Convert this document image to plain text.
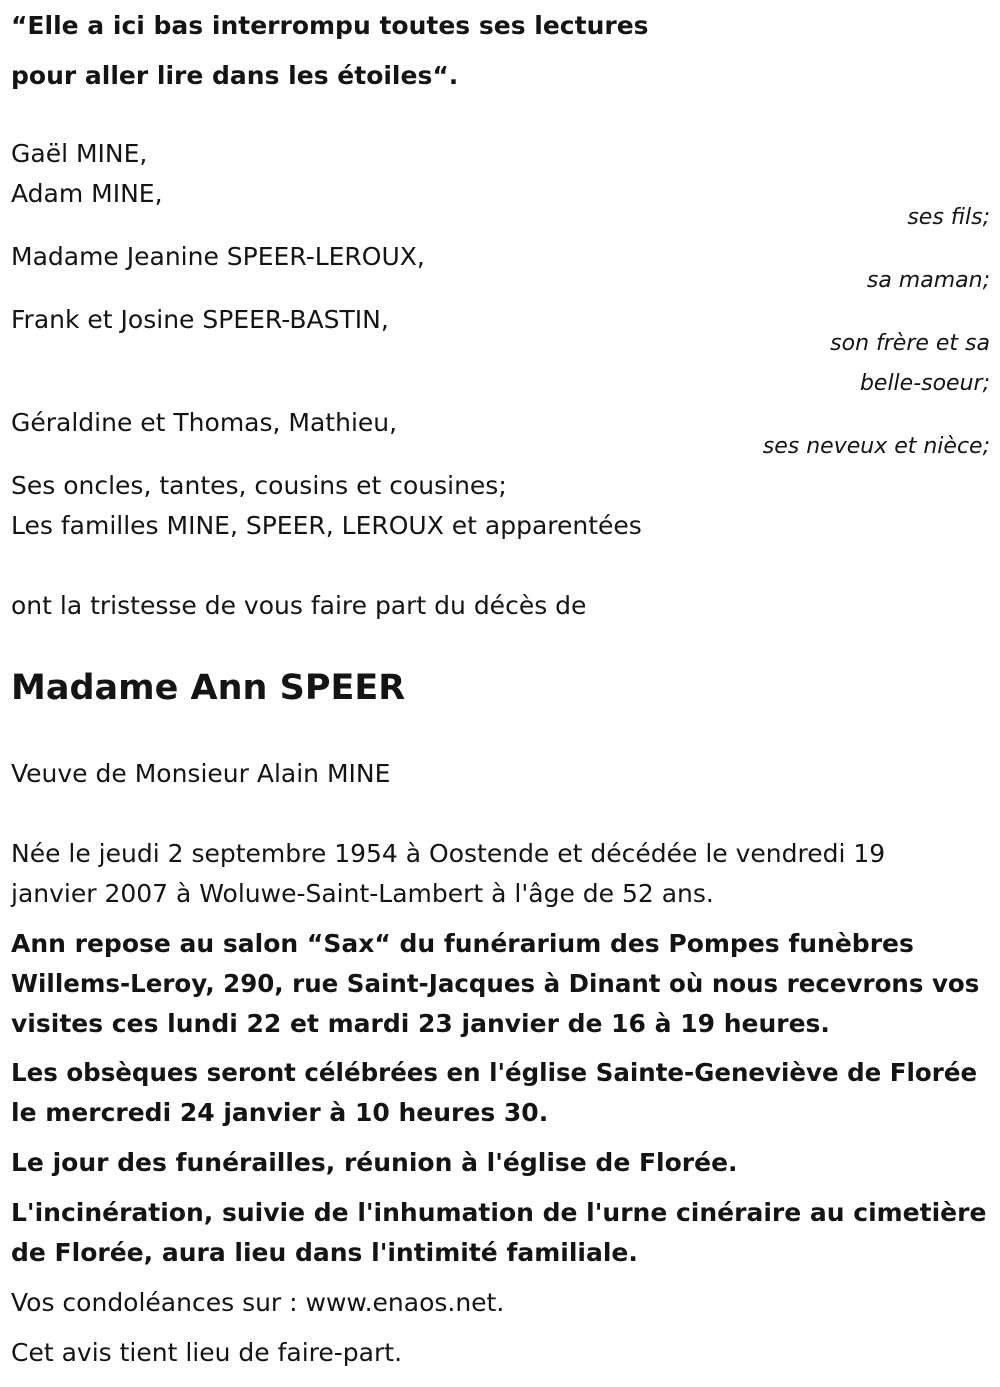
“Elle a ici bas interrompu toutes ses lectures
pour aller lire dans les étoiles“.
Gaël MINE,
Adam MINE,
ses fils;
Madame Jeanine SPEER-LEROUX,
sa maman;
Frank et Josine SPEER-BASTIN,
son frère et sa
belle-soeur;
Géraldine et Thomas, Mathieu,
ses neveux et nièce;
Ses oncles, tantes, cousins et cousines;
Les familles MINE, SPEER, LEROUX et apparentées
ont la tristesse de vous faire part du décès de
Madame Ann SPEER
Veuve de Monsieur Alain MINE
Née le jeudi 2 septembre 1954 à Oostende et décédée le vendredi 19
janvier 2007 à Woluwe-Saint-Lambert à l'âge de 52 ans.
Ann repose au salon “Sax“ du funérarium des Pompes funèbres
Willems-Leroy, 290, rue Saint-Jacques à Dinant où nous recevrons vos
visites ces lundi 22 et mardi 23 janvier de 16 à 19 heures.
Les obsèques seront célébrées en l'église Sainte-Geneviève de Florée
le mercredi 24 janvier à 10 heures 30.
Le jour des funérailles, réunion à l'église de Florée.
L'incinération, suivie de l'inhumation de l'urne cinéraire au cimetière
de Florée, aura lieu dans l'intimité familiale.
Vos condoléances sur : www.enaos.net.
Cet avis tient lieu de faire-part.
